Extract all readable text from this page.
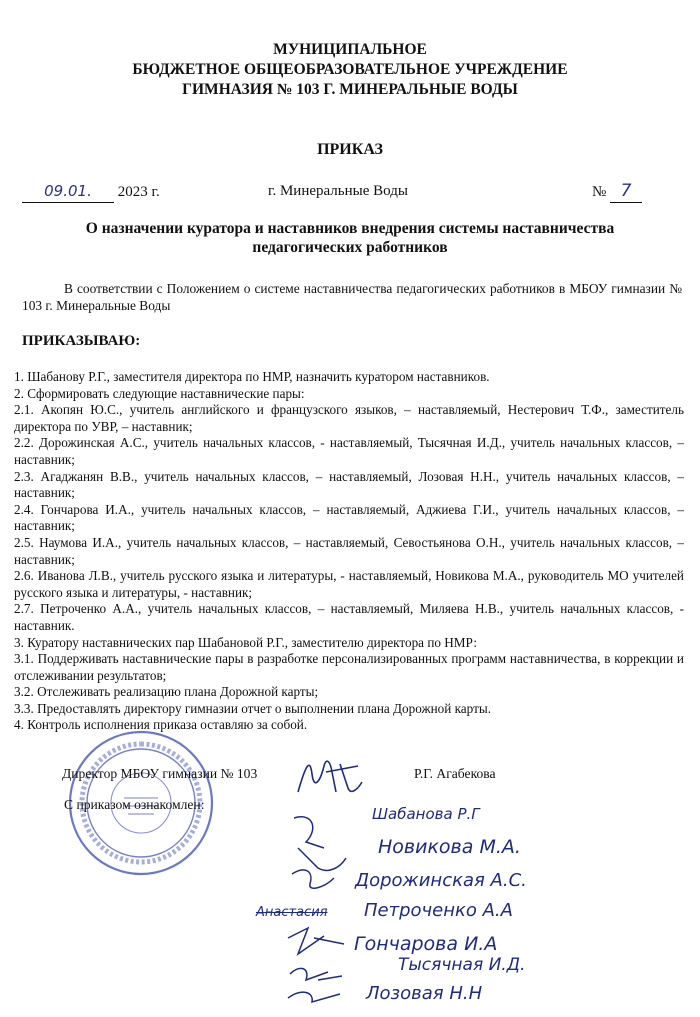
МУНИЦИПАЛЬНОЕ
БЮДЖЕТНОЕ ОБЩЕОБРАЗОВАТЕЛЬНОЕ УЧРЕЖДЕНИЕ
ГИМНАЗИЯ № 103 Г. МИНЕРАЛЬНЫЕ ВОДЫ
ПРИКАЗ
09.01. 2023 г.	г. Минеральные Воды	№ 7
О назначении куратора и наставников внедрения системы наставничества
педагогических работников
В соответствии с Положением о системе наставничества педагогических работников в МБОУ гимназии № 103 г. Минеральные Воды
ПРИКАЗЫВАЮ:
1. Шабанову Р.Г., заместителя директора по НМР, назначить куратором наставников.
2. Сформировать следующие наставнические пары:
2.1. Акопян Ю.С., учитель английского и французского языков, – наставляемый, Нестерович Т.Ф., заместитель директора по УВР, – наставник;
2.2. Дорожинская А.С., учитель начальных классов, - наставляемый, Тысячная И.Д., учитель начальных классов, – наставник;
2.3. Агаджанян В.В., учитель начальных классов, – наставляемый, Лозовая Н.Н., учитель начальных классов, – наставник;
2.4. Гончарова И.А., учитель начальных классов, – наставляемый, Аджиева Г.И., учитель начальных классов, – наставник;
2.5. Наумова И.А., учитель начальных классов, – наставляемый, Севостьянова О.Н., учитель начальных классов, – наставник;
2.6. Иванова Л.В., учитель русского языка и литературы, - наставляемый, Новикова М.А., руководитель МО учителей русского языка и литературы, - наставник;
2.7. Петроченко А.А., учитель начальных классов, – наставляемый, Миляева Н.В., учитель начальных классов, - наставник.
3. Куратору наставнических пар Шабановой Р.Г., заместителю директора по НМР:
3.1. Поддерживать наставнические пары в разработке персонализированных программ наставничества, в коррекции и отслеживании результатов;
3.2. Отслеживать реализацию плана Дорожной карты;
3.3. Предоставлять директору гимназии отчет о выполнении плана Дорожной карты.
4. Контроль исполнения приказа оставляю за собой.
Директор МБОУ гимназии № 103	Р.Г. Агабекова
С приказом ознакомлен:
Шабанова Р.Г
Новикова М.А.
Дорожинская А.С.
Анастасия Петроченко А.А
Гончарова И.А
Тысячная И.Д.
Лозовая Н.Н
